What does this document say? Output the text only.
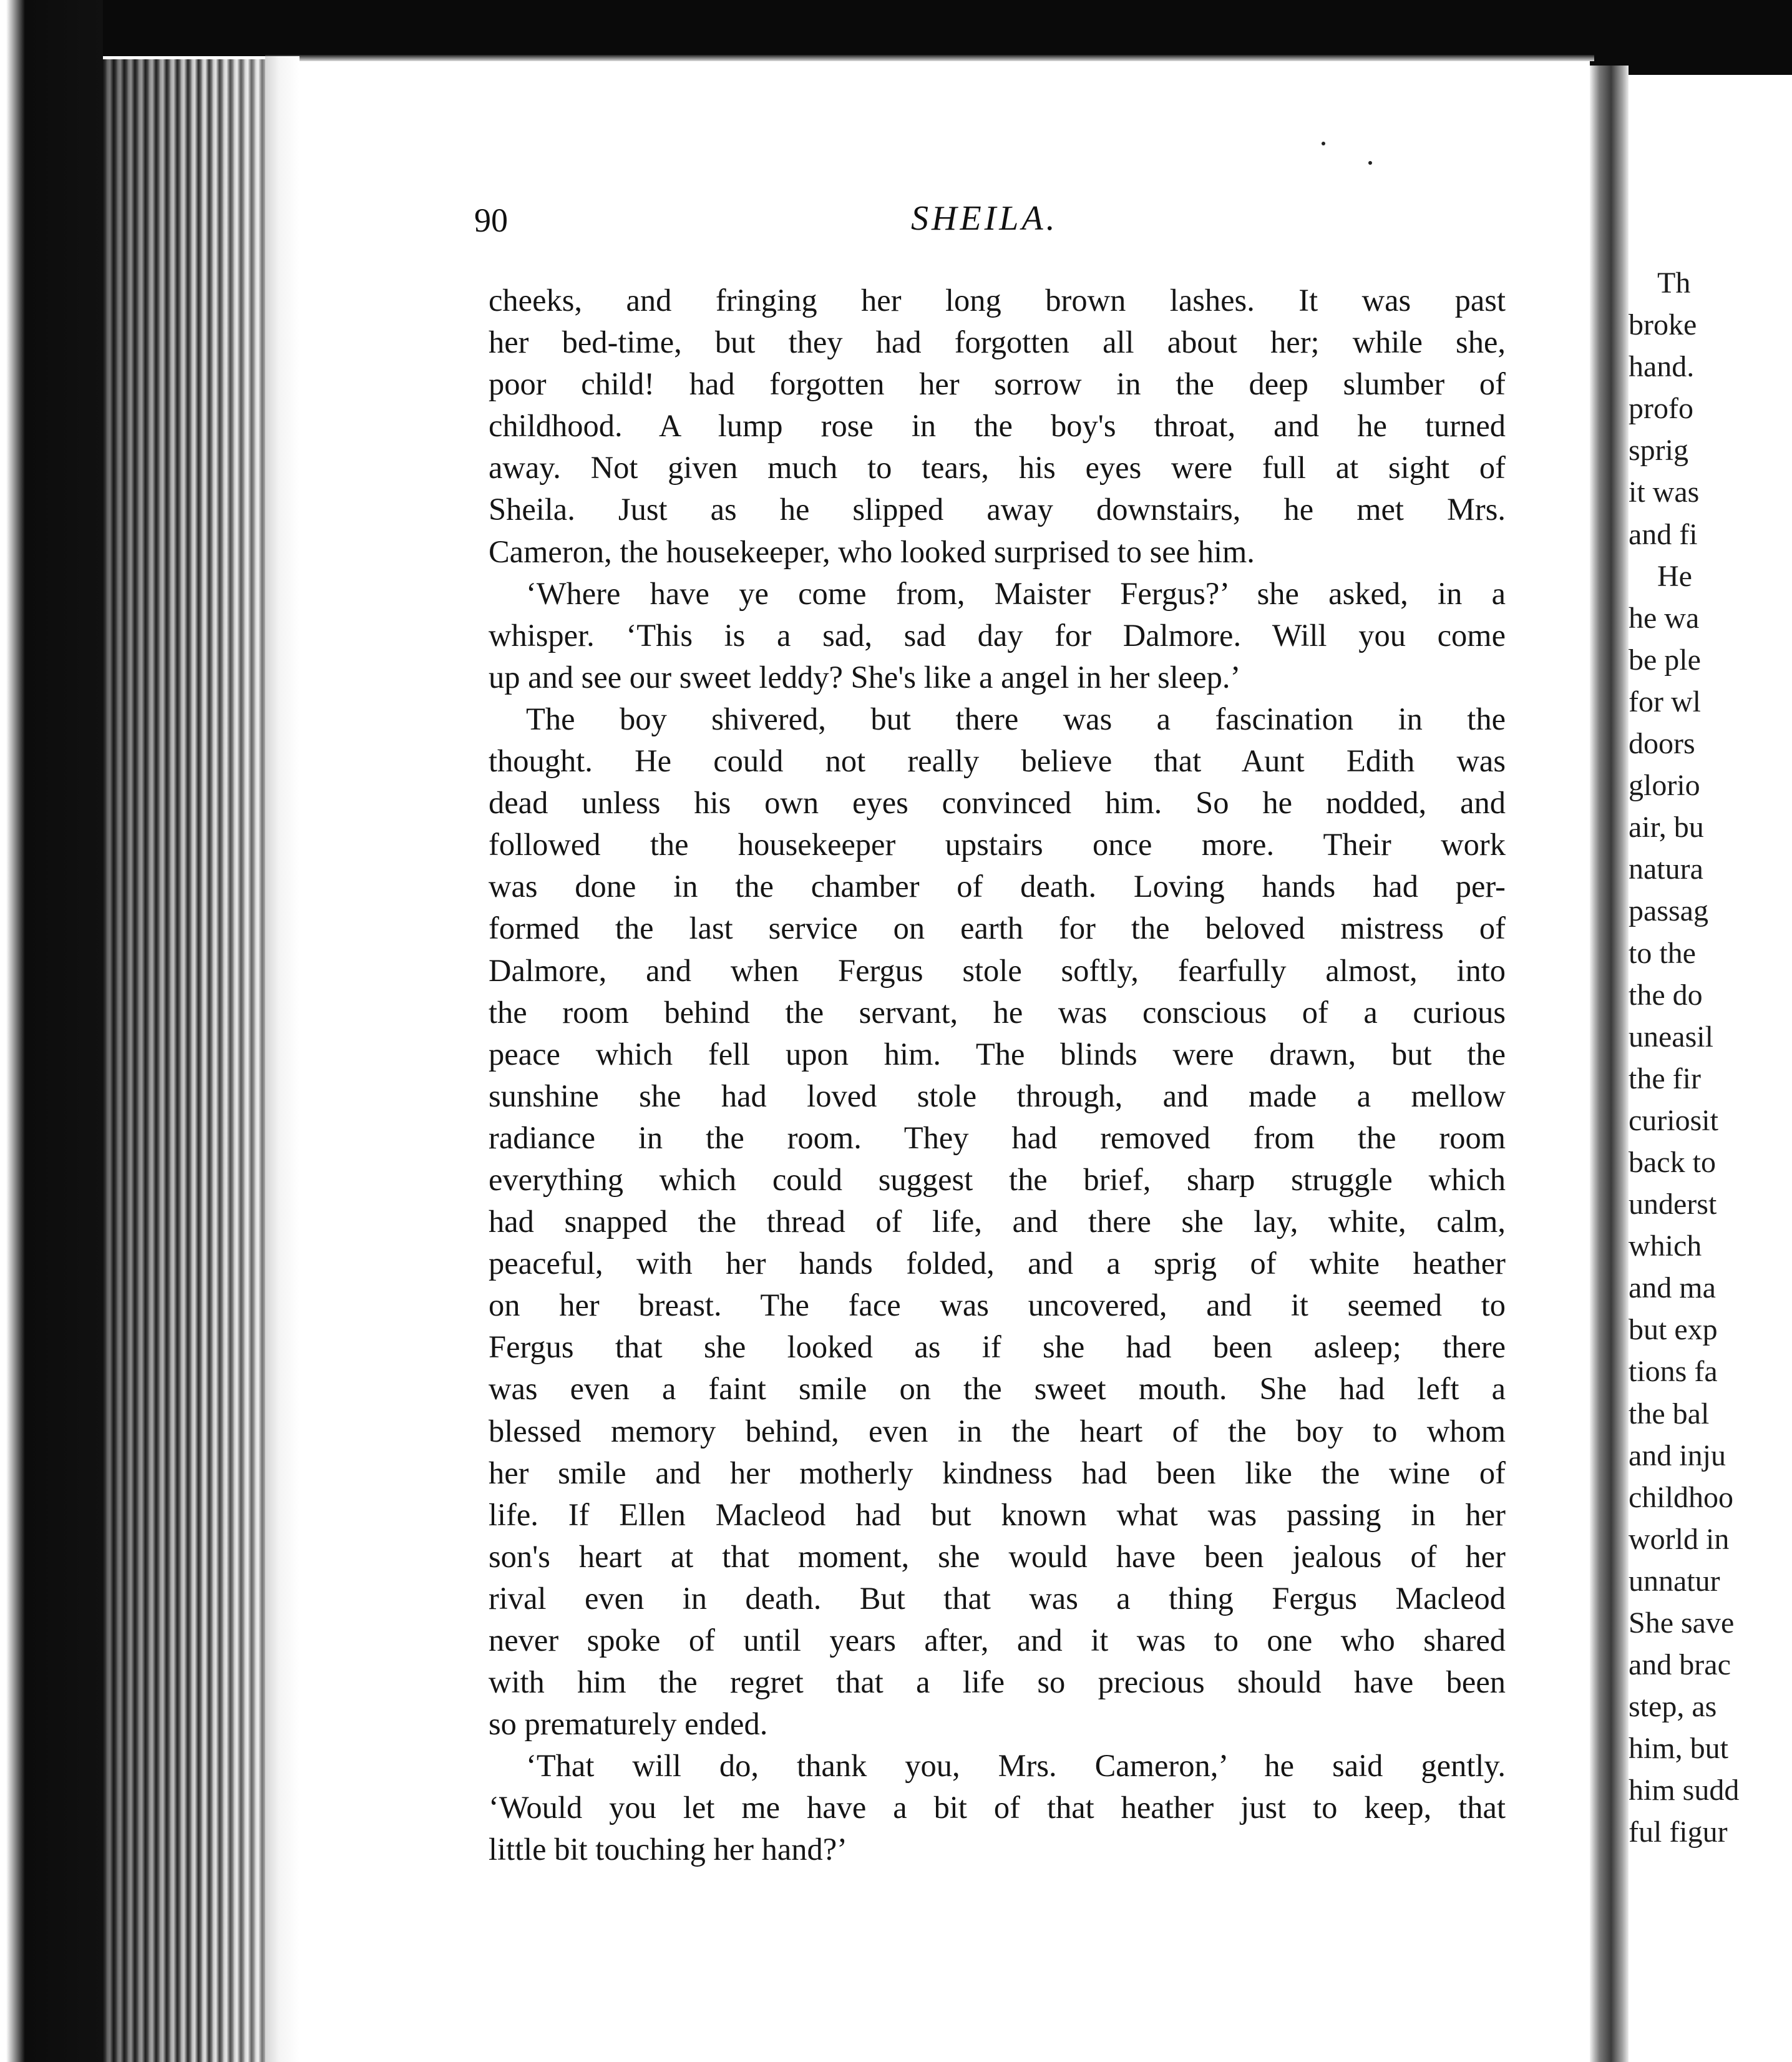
90	SHEILA.
cheeks, and fringing her long brown lashes. It was past
her bed-time, but they had forgotten all about her; while she,
poor child! had forgotten her sorrow in the deep slumber of
childhood. A lump rose in the boy's throat, and he turned
away. Not given much to tears, his eyes were full at sight of
Sheila. Just as he slipped away downstairs, he met Mrs.
Cameron, the housekeeper, who looked surprised to see him.
‘Where have ye come from, Maister Fergus?’ she asked, in a
whisper. ‘This is a sad, sad day for Dalmore. Will you come
up and see our sweet leddy? She's like a angel in her sleep.’
The boy shivered, but there was a fascination in the
thought. He could not really believe that Aunt Edith was
dead unless his own eyes convinced him. So he nodded, and
followed the housekeeper upstairs once more. Their work
was done in the chamber of death. Loving hands had per-
formed the last service on earth for the beloved mistress of
Dalmore, and when Fergus stole softly, fearfully almost, into
the room behind the servant, he was conscious of a curious
peace which fell upon him. The blinds were drawn, but the
sunshine she had loved stole through, and made a mellow
radiance in the room. They had removed from the room
everything which could suggest the brief, sharp struggle which
had snapped the thread of life, and there she lay, white, calm,
peaceful, with her hands folded, and a sprig of white heather
on her breast. The face was uncovered, and it seemed to
Fergus that she looked as if she had been asleep; there
was even a faint smile on the sweet mouth. She had left a
blessed memory behind, even in the heart of the boy to whom
her smile and her motherly kindness had been like the wine of
life. If Ellen Macleod had but known what was passing in her
son's heart at that moment, she would have been jealous of her
rival even in death. But that was a thing Fergus Macleod
never spoke of until years after, and it was to one who shared
with him the regret that a life so precious should have been
so prematurely ended.
‘That will do, thank you, Mrs. Cameron,’ he said gently.
‘Would you let me have a bit of that heather just to keep, that
little bit touching her hand?’
Th
broke
hand.
profo
sprig
it was
and fi
He
he wa
be ple
for wl
doors
glorio
air, bu
natura
passag
to the
the do
uneasil
the fir
curiosit
back to
underst
which
and ma
but exp
tions fa
the bal
and inju
childhoo
world in
unnatur
She save
and brac
step, as
him, but
him sudd
ful figur
